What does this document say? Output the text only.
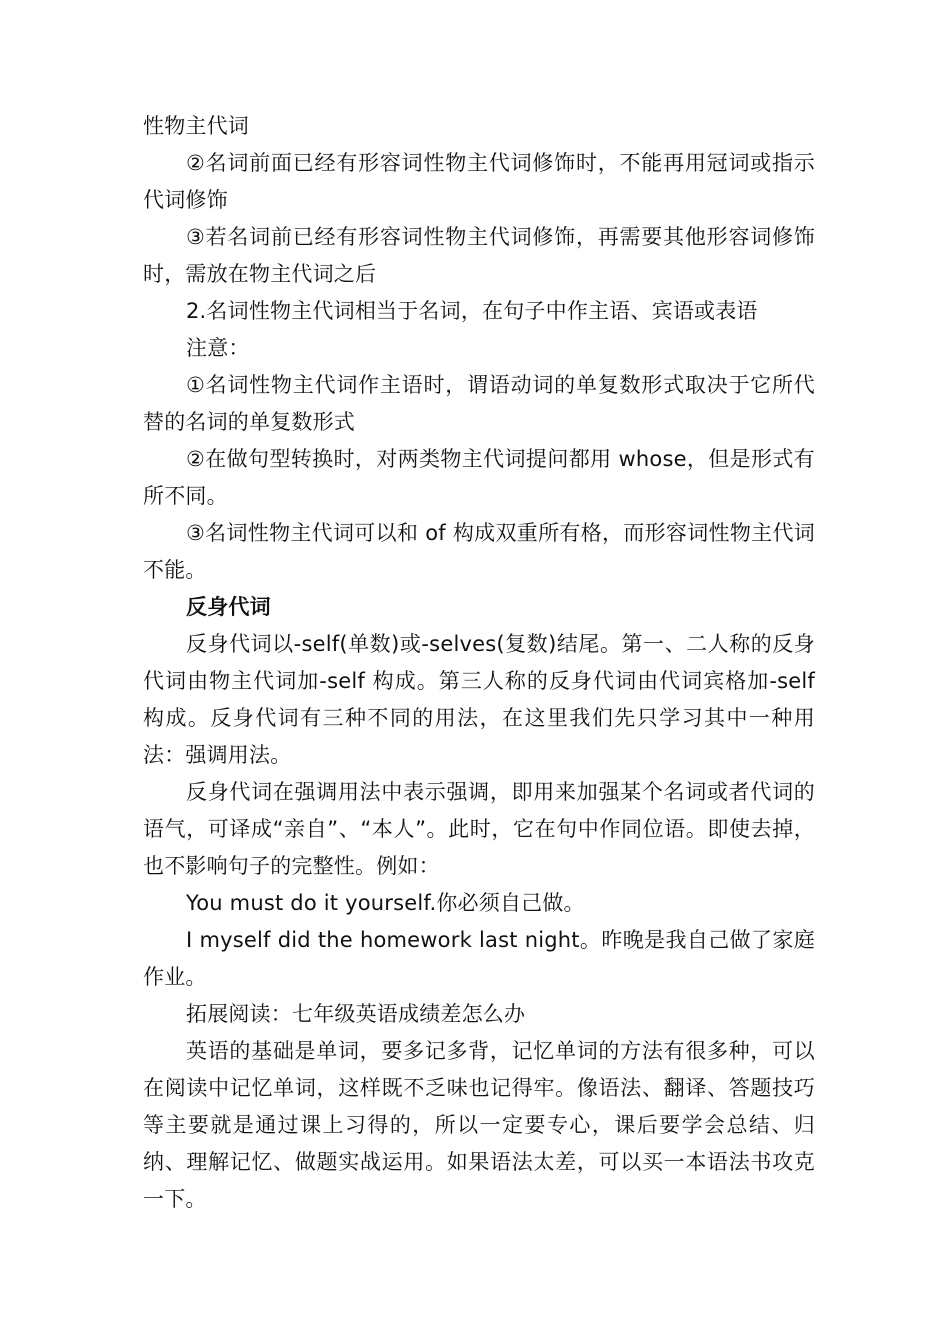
性物主代词

②名词前面已经有形容词性物主代词修饰时，不能再用冠词或指示代词修饰

③若名词前已经有形容词性物主代词修饰，再需要其他形容词修饰时，需放在物主代词之后

2.名词性物主代词相当于名词，在句子中作主语、宾语或表语

注意：

①名词性物主代词作主语时，谓语动词的单复数形式取决于它所代替的名词的单复数形式

②在做句型转换时，对两类物主代词提问都用 whose，但是形式有所不同。

③名词性物主代词可以和 of 构成双重所有格，而形容词性物主代词不能。

反身代词

反身代词以-self(单数)或-selves(复数)结尾。第一、二人称的反身代词由物主代词加-self 构成。第三人称的反身代词由代词宾格加-self 构成。反身代词有三种不同的用法，在这里我们先只学习其中一种用法：强调用法。

反身代词在强调用法中表示强调，即用来加强某个名词或者代词的语气，可译成“亲自”、“本人”。此时，它在句中作同位语。即使去掉，也不影响句子的完整性。例如：

You must do it yourself.你必须自己做。

I myself did the homework last night。昨晚是我自己做了家庭作业。

拓展阅读：七年级英语成绩差怎么办

英语的基础是单词，要多记多背，记忆单词的方法有很多种，可以在阅读中记忆单词，这样既不乏味也记得牢。像语法、翻译、答题技巧等主要就是通过课上习得的，所以一定要专心，课后要学会总结、归纳、理解记忆、做题实战运用。如果语法太差，可以买一本语法书攻克一下。
